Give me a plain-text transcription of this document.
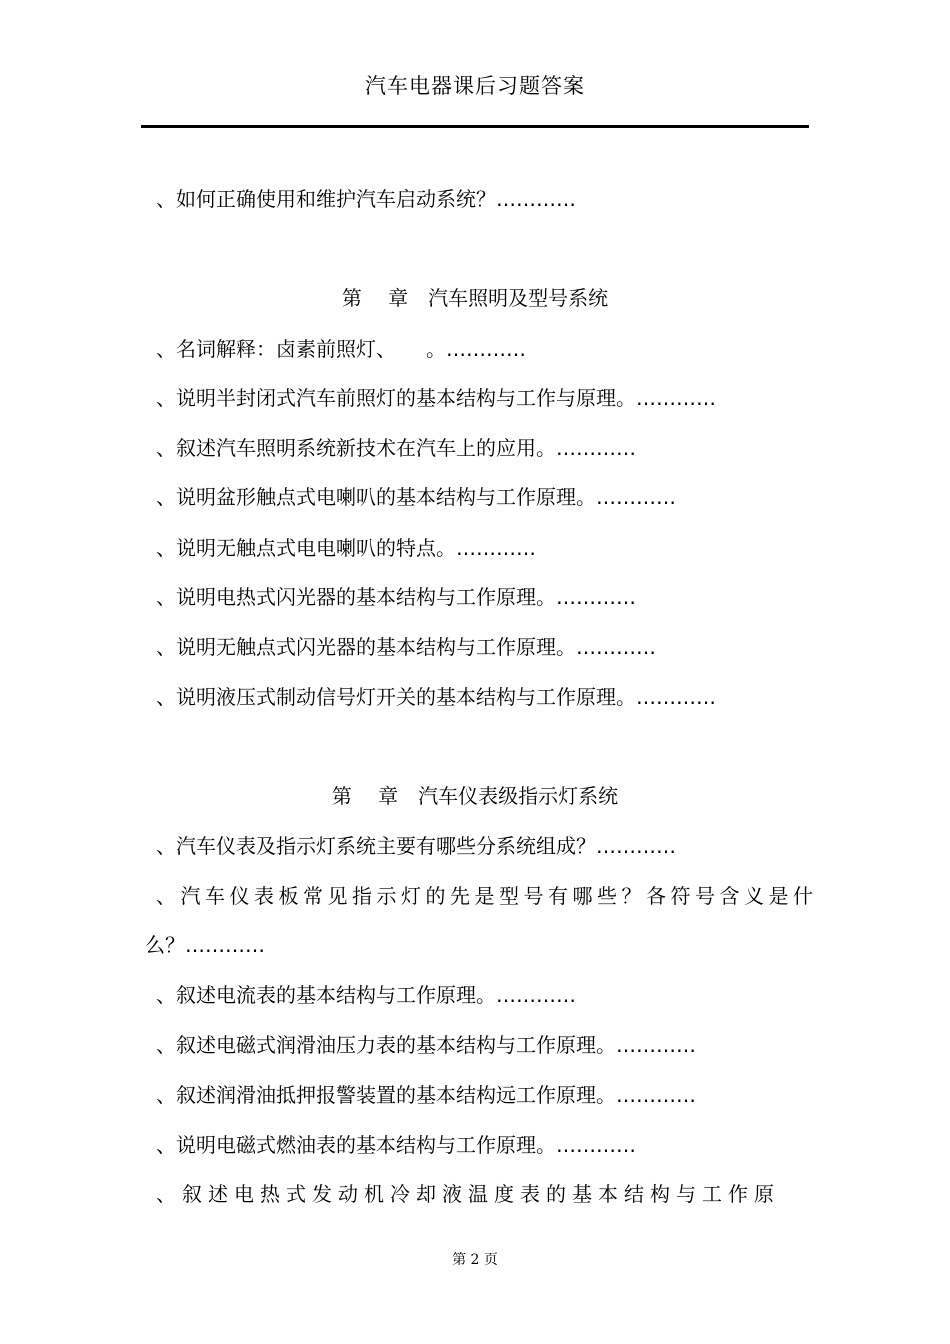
汽车电器课后习题答案
、如何正确使用和维护汽车启动系统？…………
第　 章　汽车照明及型号系统
、名词解释：卤素前照灯、　　。…………
、说明半封闭式汽车前照灯的基本结构与工作与原理。…………
、叙述汽车照明系统新技术在汽车上的应用。…………
、说明盆形触点式电喇叭的基本结构与工作原理。…………
、说明无触点式电电喇叭的特点。…………
、说明电热式闪光器的基本结构与工作原理。…………
、说明无触点式闪光器的基本结构与工作原理。…………
、说明液压式制动信号灯开关的基本结构与工作原理。…………
第　 章　汽车仪表级指示灯系统
、汽车仪表及指示灯系统主要有哪些分系统组成？…………
、汽车仪表板常见指示灯的先是型号有哪些？各符号含义是什
么？…………
、叙述电流表的基本结构与工作原理。…………
、叙述电磁式润滑油压力表的基本结构与工作原理。…………
、叙述润滑油抵押报警装置的基本结构远工作原理。…………
、说明电磁式燃油表的基本结构与工作原理。…………
、叙述电热式发动机冷却液温度表的基本结构与工作原
第 2 页
